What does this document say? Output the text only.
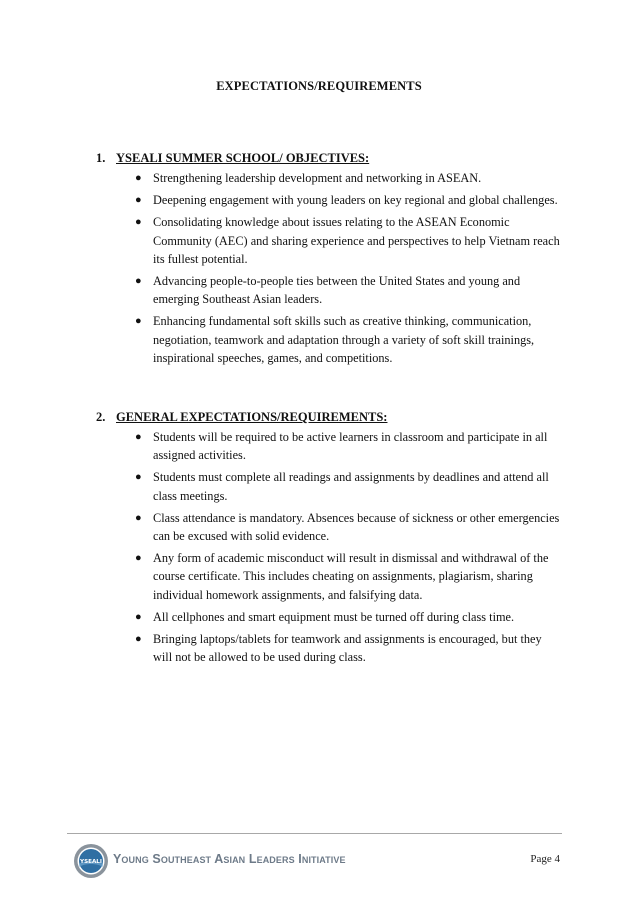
EXPECTATIONS/REQUIREMENTS
1. YSEALI SUMMER SCHOOL/ OBJECTIVES:
● Strengthening leadership development and networking in ASEAN.
● Deepening engagement with young leaders on key regional and global challenges.
● Consolidating knowledge about issues relating to the ASEAN Economic Community (AEC) and sharing experience and perspectives to help Vietnam reach its fullest potential.
● Advancing people-to-people ties between the United States and young and emerging Southeast Asian leaders.
● Enhancing fundamental soft skills such as creative thinking, communication, negotiation, teamwork and adaptation through a variety of soft skill trainings, inspirational speeches, games, and competitions.
2. GENERAL EXPECTATIONS/REQUIREMENTS:
● Students will be required to be active learners in classroom and participate in all assigned activities.
● Students must complete all readings and assignments by deadlines and attend all class meetings.
● Class attendance is mandatory. Absences because of sickness or other emergencies can be excused with solid evidence.
● Any form of academic misconduct will result in dismissal and withdrawal of the course certificate. This includes cheating on assignments, plagiarism, sharing individual homework assignments, and falsifying data.
● All cellphones and smart equipment must be turned off during class time.
● Bringing laptops/tablets for teamwork and assignments is encouraged, but they will not be allowed to be used during class.
YSEALI Young Southeast Asian Leaders Initiative	Page 4
